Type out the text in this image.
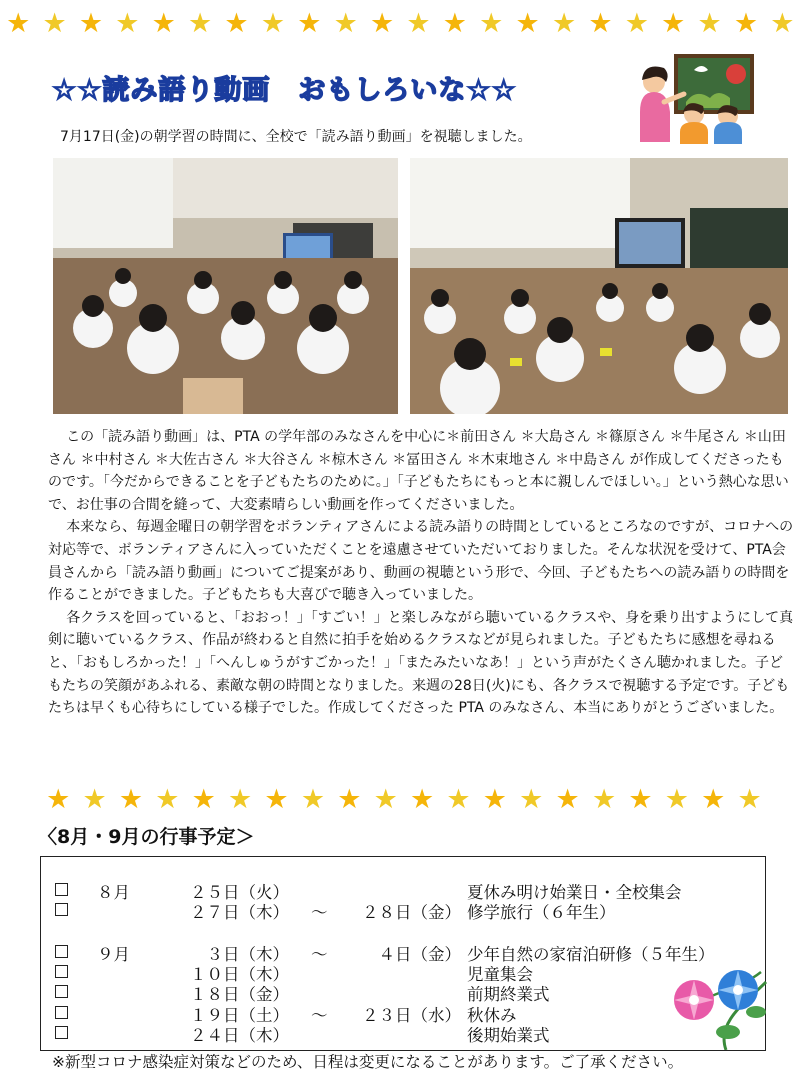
★ ★ ★ ★ ★ ★ ★ ★ ★ ★ ★ ★ ★ ★ ★ ★ ★ ★ ★ ★ ★ ★
☆☆読み語り動画　おもしろいな☆☆
7月17日(金)の朝学習の時間に、全校で「読み語り動画」を視聴しました。

この「読み語り動画」は、PTA の学年部のみなさんを中心に＊前田さん ＊大島さん ＊篠原さん ＊牛尾さん ＊山田さん ＊中村さん ＊大佐古さん ＊大谷さん ＊椋木さん ＊冨田さん ＊木束地さん ＊中島さん が作成してくださったものです。「今だからできることを子どもたちのために。」「子どもたちにもっと本に親しんでほしい。」という熱心な思いで、お仕事の合間を縫って、大変素晴らしい動画を作ってくださいました。

本来なら、毎週金曜日の朝学習をボランティアさんによる読み語りの時間としているところなのですが、コロナへの対応等で、ボランティアさんに入っていただくことを遠慮させていただいておりました。そんな状況を受けて、PTA会員さんから「読み語り動画」についてご提案があり、動画の視聴という形で、今回、子どもたちへの読み語りの時間を作ることができました。子どもたちも大喜びで聴き入っていました。

各クラスを回っていると、「おおっ！」「すごい！」と楽しみながら聴いているクラスや、身を乗り出すようにして真剣に聴いているクラス、作品が終わると自然に拍手を始めるクラスなどが見られました。子どもたちに感想を尋ねると、「おもしろかった！」「へんしゅうがすごかった！」「またみたいなあ！」という声がたくさん聴かれました。子どもたちの笑顔があふれる、素敵な朝の時間となりました。来週の28日(火)にも、各クラスで視聴する予定です。子どもたちは早くも心待ちにしている様子でした。作成してくださった PTA のみなさん、本当にありがとうございました。

★ ★ ★ ★ ★ ★ ★ ★ ★ ★ ★ ★ ★ ★ ★ ★ ★ ★ ★ ★
〈8月・9月の行事予定＞
８月	２５日（火）	夏休み明け始業日・全校集会
２７日（木） ～	２８日（金） 修学旅行（６年生）
９月	３日（木） ～	４日（金） 少年自然の家宿泊研修（５年生）
１０日（木）	児童集会
１８日（金）	前期終業式
１９日（土） ～	２３日（水） 秋休み
２４日（木）	後期始業式
※新型コロナ感染症対策などのため、日程は変更になることがあります。ご了承ください。
